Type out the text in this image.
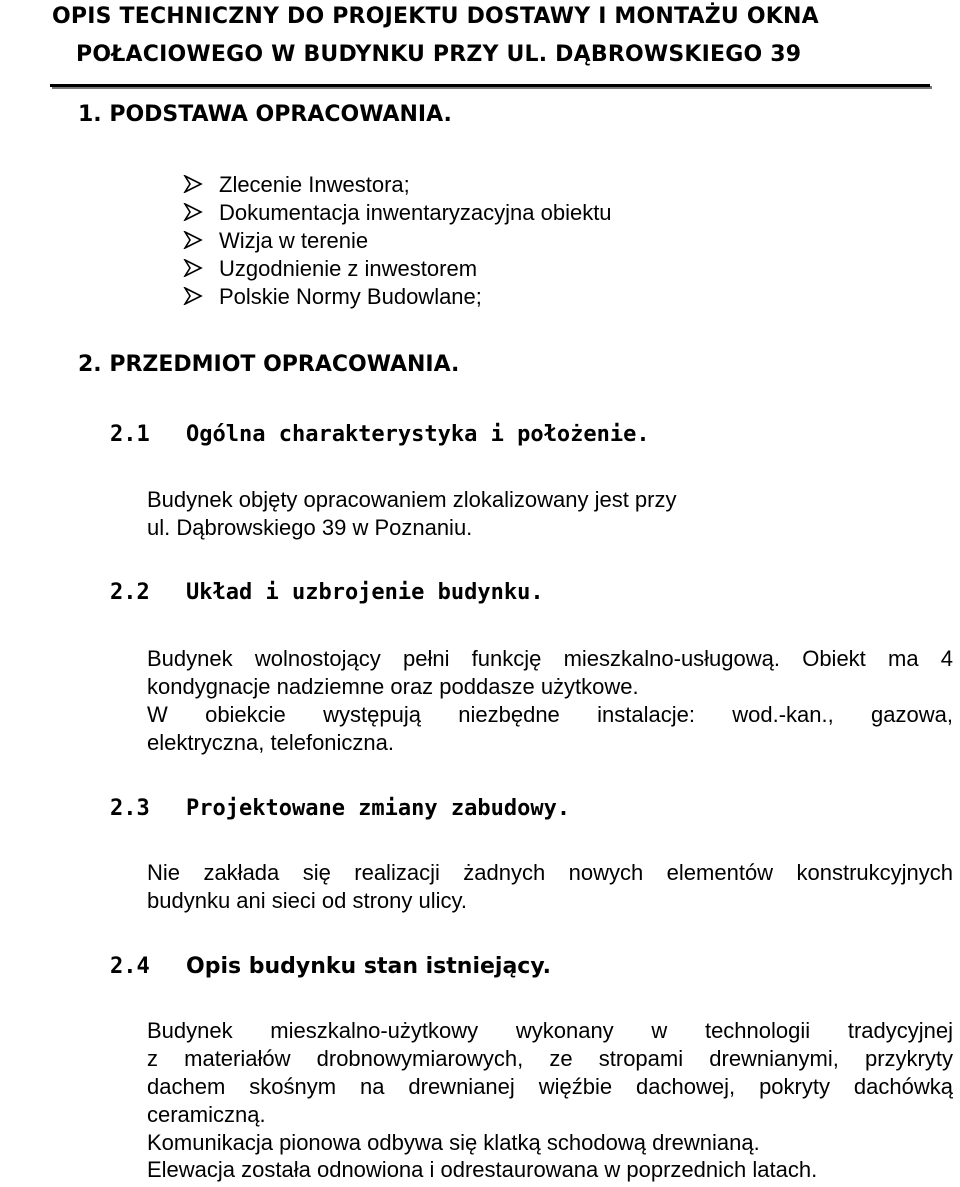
OPIS TECHNICZNY DO PROJEKTU DOSTAWY I MONTAŻU OKNA
POŁACIOWEGO W BUDYNKU PRZY UL. DĄBROWSKIEGO 39
1. PODSTAWA OPRACOWANIA.
Zlecenie Inwestora;
Dokumentacja inwentaryzacyjna obiektu
Wizja w terenie
Uzgodnienie z inwestorem
Polskie Normy Budowlane;
2. PRZEDMIOT OPRACOWANIA.
2.1 Ogólna charakterystyka i położenie.
Budynek objęty opracowaniem zlokalizowany jest przy
ul. Dąbrowskiego 39 w Poznaniu.
2.2 Układ i uzbrojenie budynku.
Budynek wolnostojący pełni funkcję mieszkalno-usługową. Obiekt ma 4
kondygnacje nadziemne oraz poddasze użytkowe.
W obiekcie występują niezbędne instalacje: wod.-kan., gazowa,
elektryczna, telefoniczna.
2.3 Projektowane zmiany zabudowy.
Nie zakłada się realizacji żadnych nowych elementów konstrukcyjnych
budynku ani sieci od strony ulicy.
2.4 Opis budynku stan istniejący.
Budynek mieszkalno-użytkowy wykonany w technologii tradycyjnej
z materiałów drobnowymiarowych, ze stropami drewnianymi, przykryty
dachem skośnym na drewnianej więźbie dachowej, pokryty dachówką
ceramiczną.
Komunikacja pionowa odbywa się klatką schodową drewnianą.
Elewacja została odnowiona i odrestaurowana w poprzednich latach.
